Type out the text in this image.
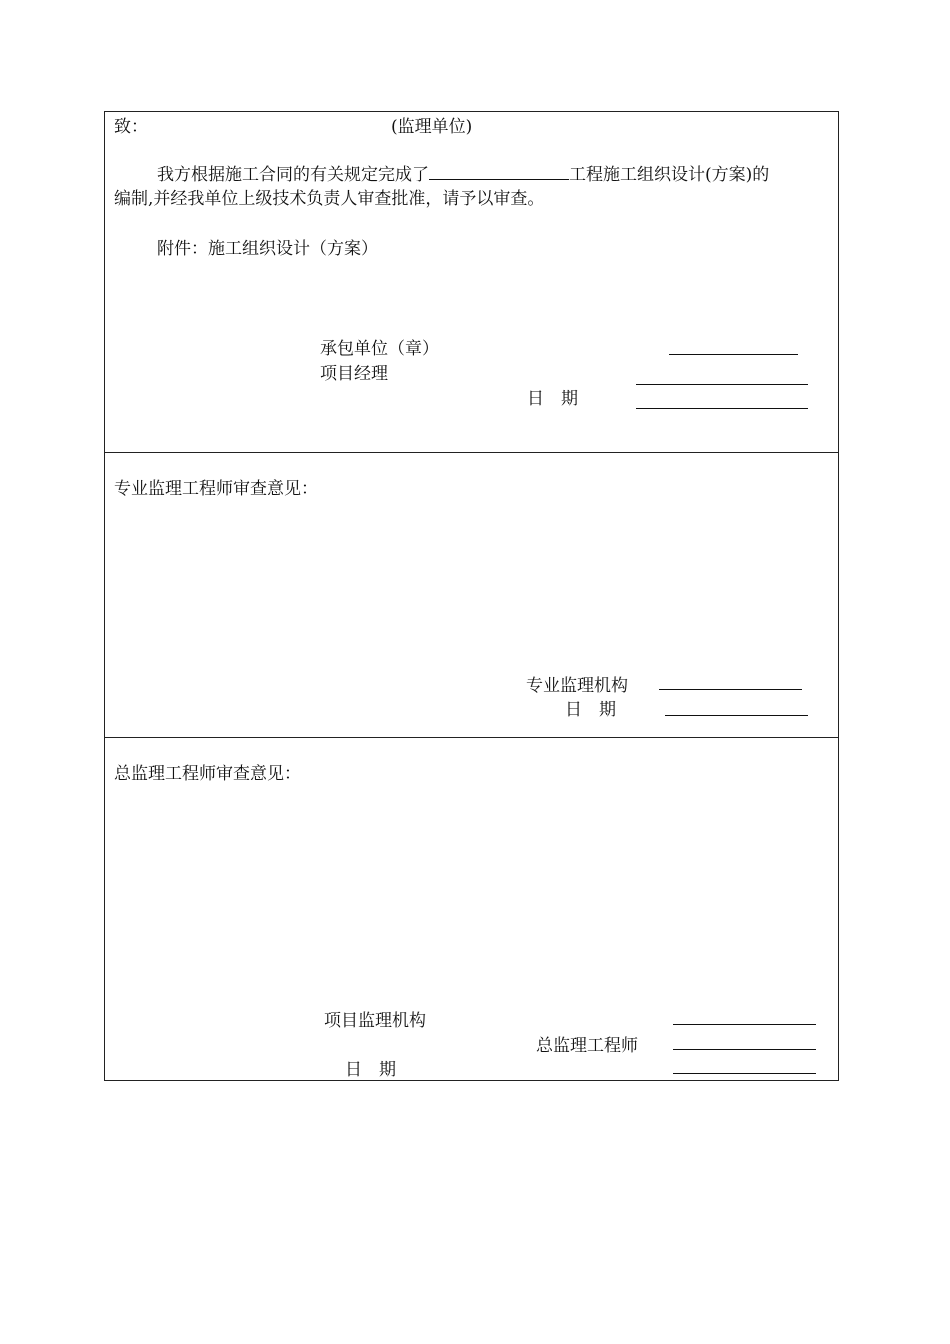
致：	(监理单位)
我方根据施工合同的有关规定完成了	工程施工组织设计(方案)的
编制,并经我单位上级技术负责人审查批准，请予以审查。
附件：施工组织设计（方案）
承包单位（章）
项目经理
日　期
专业监理工程师审查意见：
专业监理机构
日　期
总监理工程师审查意见：
项目监理机构
总监理工程师
日　期
